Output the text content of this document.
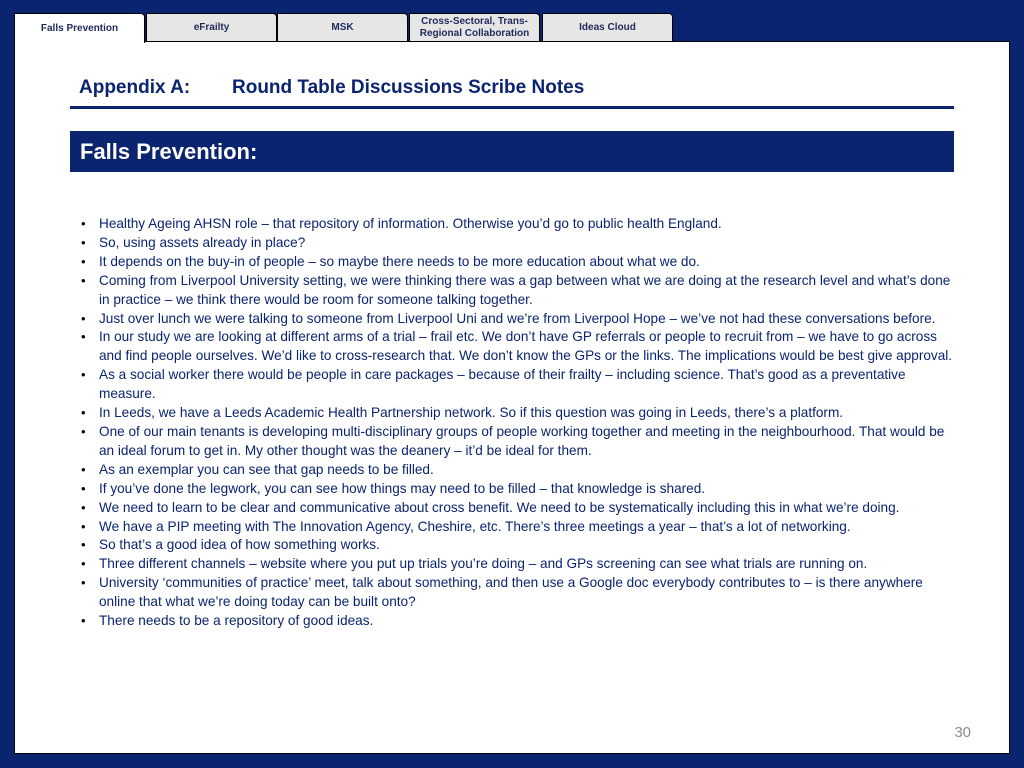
Falls Prevention	eFrailty	MSK
Cross-Sectoral, Trans-Regional Collaboration
Ideas Cloud
Appendix A: Round Table Discussions Scribe Notes
Falls Prevention:
• Healthy Ageing AHSN role – that repository of information. Otherwise you’d go to public health England.
• So, using assets already in place?
• It depends on the buy-in of people – so maybe there needs to be more education about what we do.
• Coming from Liverpool University setting, we were thinking there was a gap between what we are doing at the research level and what’s done in practice – we think there would be room for someone talking together.
• Just over lunch we were talking to someone from Liverpool Uni and we’re from Liverpool Hope – we’ve not had these conversations before.
• In our study we are looking at different arms of a trial – frail etc. We don’t have GP referrals or people to recruit from – we have to go across and find people ourselves. We’d like to cross-research that. We don’t know the GPs or the links. The implications would be best give approval.
• As a social worker there would be people in care packages – because of their frailty – including science. That’s good as a preventative measure.
• In Leeds, we have a Leeds Academic Health Partnership network. So if this question was going in Leeds, there’s a platform.
• One of our main tenants is developing multi-disciplinary groups of people working together and meeting in the neighbourhood. That would be an ideal forum to get in. My other thought was the deanery – it’d be ideal for them.
• As an exemplar you can see that gap needs to be filled.
• If you’ve done the legwork, you can see how things may need to be filled – that knowledge is shared.
• We need to learn to be clear and communicative about cross benefit. We need to be systematically including this in what we’re doing.
• We have a PIP meeting with The Innovation Agency, Cheshire, etc. There’s three meetings a year – that’s a lot of networking.
• So that’s a good idea of how something works.
• Three different channels – website where you put up trials you’re doing – and GPs screening can see what trials are running on.
• University ‘communities of practice’ meet, talk about something, and then use a Google doc everybody contributes to – is there anywhere online that what we’re doing today can be built onto?
• There needs to be a repository of good ideas.
30
